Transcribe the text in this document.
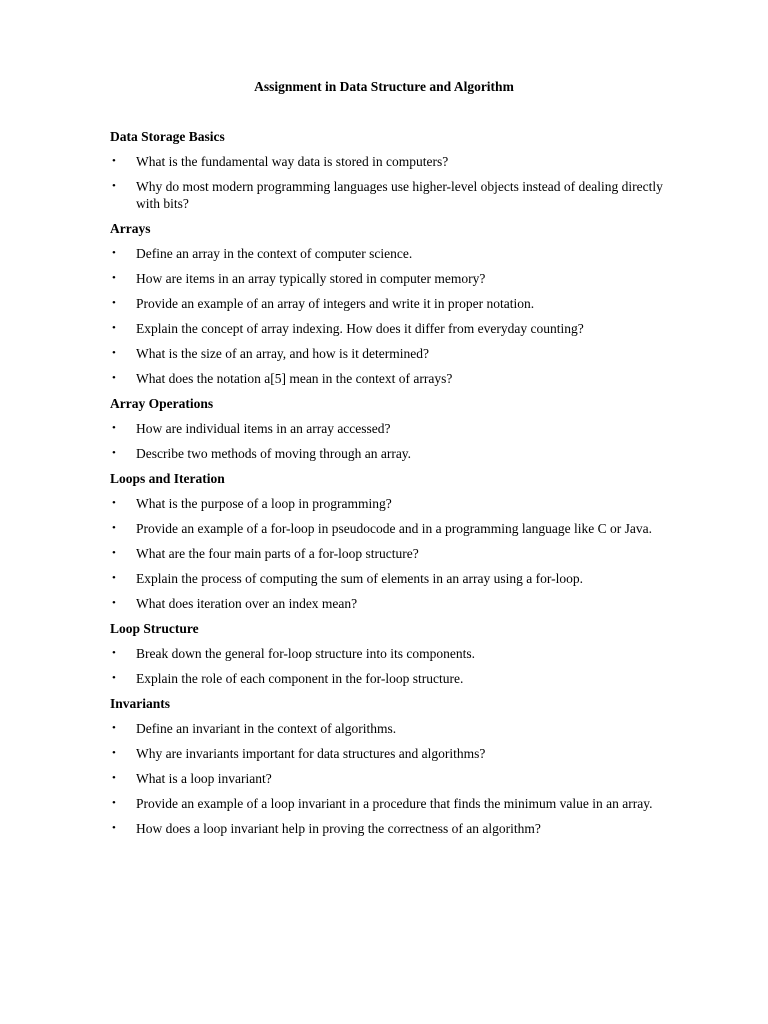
Assignment in Data Structure and Algorithm
Data Storage Basics
• What is the fundamental way data is stored in computers?
• Why do most modern programming languages use higher-level objects instead of dealing directly with bits?
Arrays
• Define an array in the context of computer science.
• How are items in an array typically stored in computer memory?
• Provide an example of an array of integers and write it in proper notation.
• Explain the concept of array indexing. How does it differ from everyday counting?
• What is the size of an array, and how is it determined?
• What does the notation a[5] mean in the context of arrays?
Array Operations
• How are individual items in an array accessed?
• Describe two methods of moving through an array.
Loops and Iteration
• What is the purpose of a loop in programming?
• Provide an example of a for-loop in pseudocode and in a programming language like C or Java.
• What are the four main parts of a for-loop structure?
• Explain the process of computing the sum of elements in an array using a for-loop.
• What does iteration over an index mean?
Loop Structure
• Break down the general for-loop structure into its components.
• Explain the role of each component in the for-loop structure.
Invariants
• Define an invariant in the context of algorithms.
• Why are invariants important for data structures and algorithms?
• What is a loop invariant?
• Provide an example of a loop invariant in a procedure that finds the minimum value in an array.
• How does a loop invariant help in proving the correctness of an algorithm?
